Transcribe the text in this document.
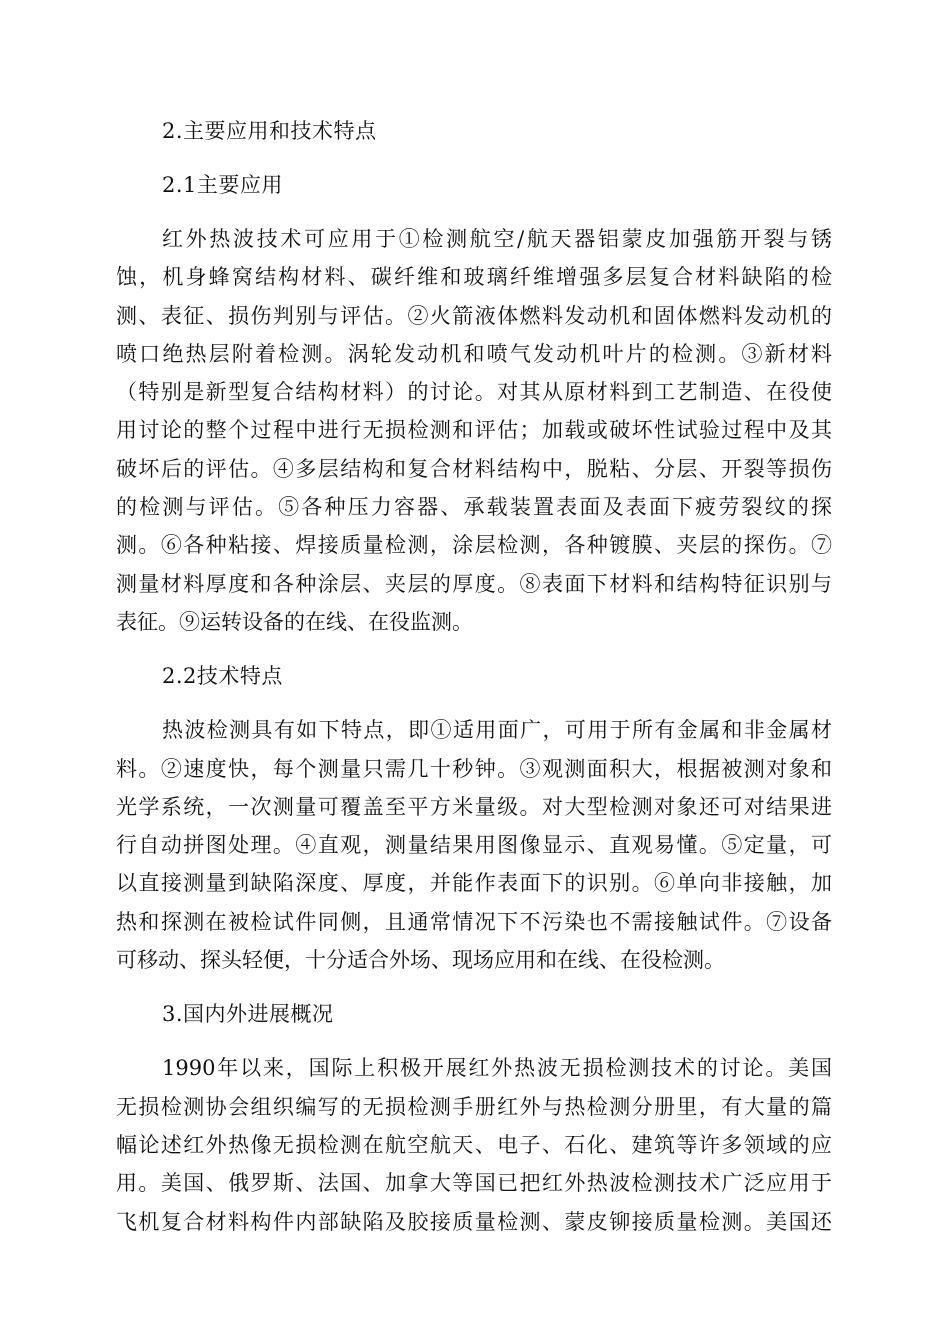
2.主要应用和技术特点
2.1主要应用

红外热波技术可应用于①检测航空/航天器铝蒙皮加强筋开裂与锈
蚀，机身蜂窝结构材料、碳纤维和玻璃纤维增强多层复合材料缺陷的检
测、表征、损伤判别与评估。②火箭液体燃料发动机和固体燃料发动机的
喷口绝热层附着检测。涡轮发动机和喷气发动机叶片的检测。③新材料
（特别是新型复合结构材料）的讨论。对其从原材料到工艺制造、在役使
用讨论的整个过程中进行无损检测和评估；加载或破坏性试验过程中及其
破坏后的评估。④多层结构和复合材料结构中，脱粘、分层、开裂等损伤
的检测与评估。⑤各种压力容器、承载装置表面及表面下疲劳裂纹的探
测。⑥各种粘接、焊接质量检测，涂层检测，各种镀膜、夹层的探伤。⑦
测量材料厚度和各种涂层、夹层的厚度。⑧表面下材料和结构特征识别与
表征。⑨运转设备的在线、在役监测。

2.2技术特点

热波检测具有如下特点，即①适用面广，可用于所有金属和非金属材
料。②速度快，每个测量只需几十秒钟。③观测面积大，根据被测对象和
光学系统，一次测量可覆盖至平方米量级。对大型检测对象还可对结果进
行自动拼图处理。④直观，测量结果用图像显示、直观易懂。⑤定量，可
以直接测量到缺陷深度、厚度，并能作表面下的识别。⑥单向非接触，加
热和探测在被检试件同侧，且通常情况下不污染也不需接触试件。⑦设备
可移动、探头轻便，十分适合外场、现场应用和在线、在役检测。

3.国内外进展概况

1990年以来，国际上积极开展红外热波无损检测技术的讨论。美国
无损检测协会组织编写的无损检测手册红外与热检测分册里，有大量的篇
幅论述红外热像无损检测在航空航天、电子、石化、建筑等许多领域的应
用。美国、俄罗斯、法国、加拿大等国已把红外热波检测技术广泛应用于
飞机复合材料构件内部缺陷及胶接质量检测、蒙皮铆接质量检测。美国还
